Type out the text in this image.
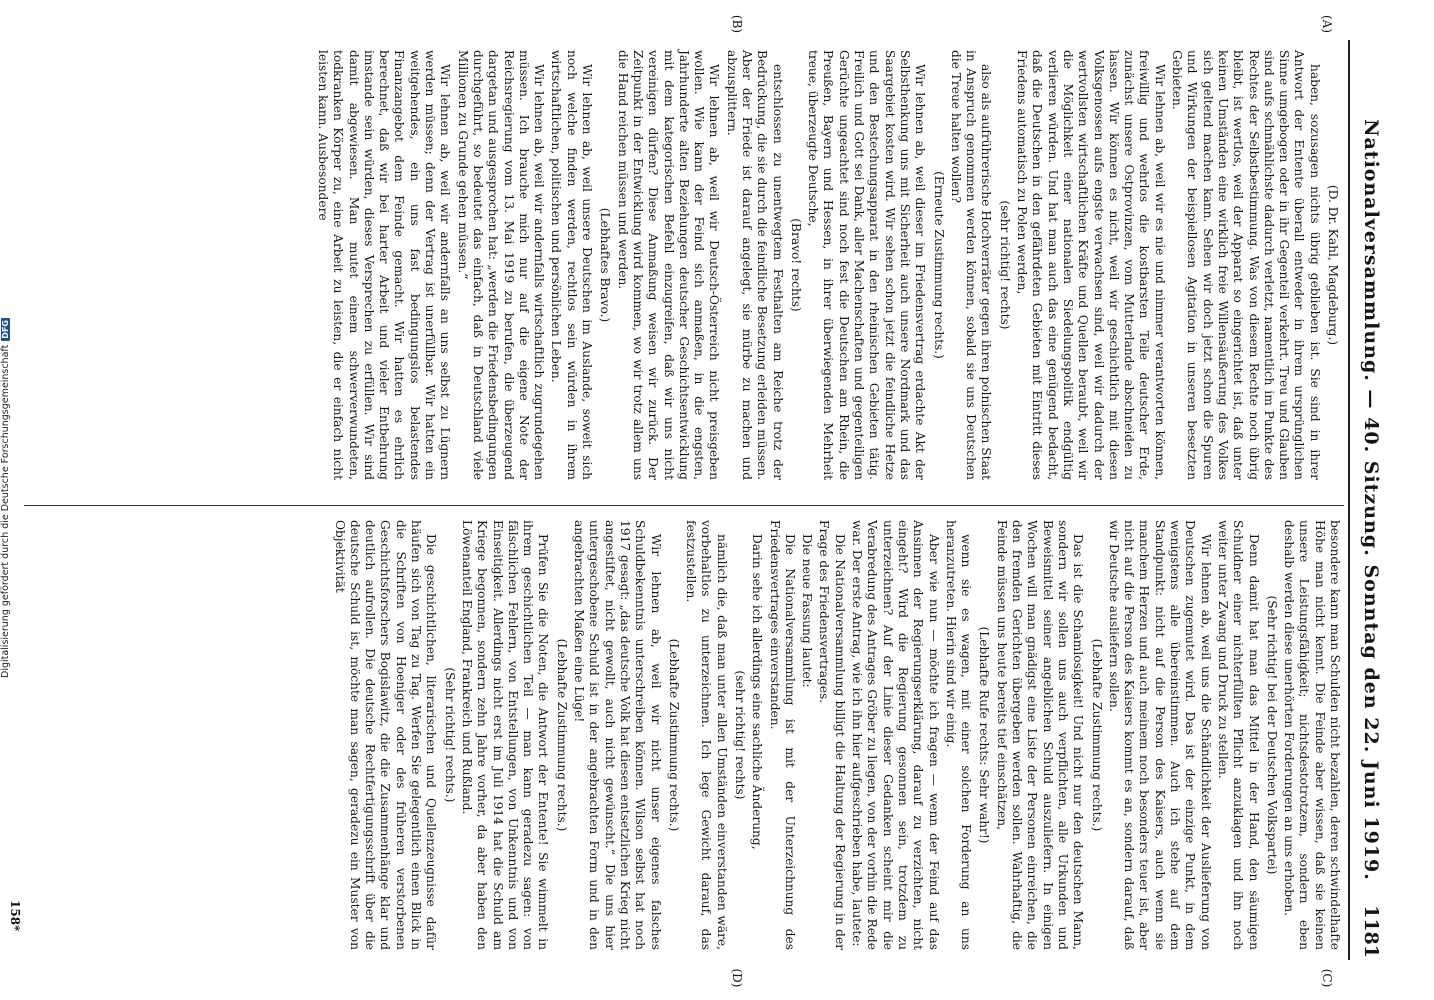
Nationalversammlung. — 40. Sitzung. Sonntag den 22. Juni 1919.
1181
(A)
(B)
(C)
(D)

(D. Dr. Kahl, Magdeburg.)

haben, sozusagen nichts übrig geblieben ist. Sie sind in ihrer Antwort der Entente überall entweder in ihrem ursprünglichen Sinne umgebogen oder in ihr Gegenteil verkehrt. Treu und Glauben sind aufs schmählichste dadurch verletzt, namentlich im Punkte des Rechtes der Selbstbestimmung. Was von diesem Rechte noch übrig bleibt, ist wertlos, weil der Apparat so eingerichtet ist, daß unter keinen Umständen eine wirklich freie Willensäußerung des Volkes sich geltend machen kann. Sehen wir doch jetzt schon die Spuren und Wirkungen der beispiellosen Agitation in unseren besetzten Gebieten.

Wir lehnen ab, weil wir es nie und nimmer verantworten können, freiwillig und wehrlos die kostbarsten Teile deutscher Erde, zunächst unsere Ostprovinzen, vom Mutterlande abschneiden zu lassen. Wir können es nicht, weil wir geschichtlich mit diesen Volksgenossen aufs engste verwachsen sind, weil wir dadurch der wertvollsten wirtschaftlichen Kräfte und Quellen beraubt, weil wir die Möglichkeit einer nationalen Siedelungspolitik endgültig verlieren würden. Und hat man auch das eine genügend bedacht, daß die Deutschen in den gefährdeten Gebieten mit Eintritt dieses Friedens automatisch zu Polen werden,

(sehr richtig! rechts)

also als aufrührerische Hochverräter gegen ihren polnischen Staat in Anspruch genommen werden können, sobald sie uns Deutschen die Treue halten wollen?

(Erneute Zustimmung rechts.)

Wir lehnen ab, weil dieser im Friedensvertrag erdachte Akt der Selbsthenkung uns mit Sicherheit auch unsere Nordmark und das Saargebiet kosten wird. Wir sehen schon jetzt die feindliche Hetze und den Bestechungsapparat in den rheinischen Gebieten tätig. Freilich und Gott sei Dank, aller Machenschaften und gegenteiligen Gerüchte ungeachtet sind noch fest die Deutschen am Rhein, die Preußen, Bayern und Hessen, in ihrer überwiegenden Mehrheit treue, überzeugte Deutsche,

(Bravo! rechts)

entschlossen zu unentwegtem Festhalten am Reiche trotz der Bedrückung, die sie durch die feindliche Besetzung erleiden müssen. Aber der Friede ist darauf angelegt, sie mürbe zu machen und abzusplittern.

Wir lehnen ab, weil wir Deutsch-Österreich nicht preisgeben wollen. Wie kann der Feind sich anmaßen, in die engsten, Jahrhunderte alten Beziehungen deutscher Geschichtsentwicklung mit dem kategorischen Befehl einzugreifen, daß wir uns nicht vereinigen dürfen? Diese Anmaßung weisen wir zurück. Der Zeitpunkt in der Entwicklung wird kommen, wo wir trotz allem uns die Hand reichen müssen und werden.

(Lebhaftes Bravo.)

Wir lehnen ab, weil unsere Deutschen im Auslande, soweit sich noch welche finden werden, rechtlos sein würden in ihrem wirtschaftlichen, politischen und persönlichen Leben.

Wir lehnen ab, weil wir andernfalls wirtschaftlich zugrundegehen müssen. Ich brauche mich nur auf die eigene Note der Reichsregierung vom 13. Mai 1919 zu berufen, die überzeugend dargetan und ausgesprochen hat: „werden die Friedensbedingungen durchgeführt, so bedeutet das einfach, daß in Deutschland viele Millionen zu Grunde gehen müssen.“

Wir lehnen ab, weil wir andernfalls an uns selbst zu Lügnern werden müssen; denn der Vertrag ist unerfüllbar. Wir hatten ein weitgehendes, ein uns fast bedingungslos belastendes Finanzangebot dem Feinde gemacht. Wir hatten es ehrlich berechnet, daß wir bei harter Arbeit und vieler Entbehrung imstande sein würden, dieses Versprechen zu erfüllen. Wir sind damit abgewiesen. Man mutet einem schwerverwundeten, todkranken Körper zu, eine Arbeit zu leisten, die er einfach nicht leisten kann. Ausbesondere

besondere kann man Schulden nicht bezahlen, deren schwindelhafte Höhe man nicht kennt. Die Feinde aber wissen, daß sie keinen unsere Leistungsfähigkeit; nichtsdestotrotzem, sondern eben deshalb werden diese unerhörten Forderungen an uns erhoben.

(Sehr richtig! bei der Deutschen Volkspartei)

Denn damit hat man das Mittel in der Hand, den säumigen Schuldner einer nichterfüllten Pflicht anzuklagen und ihn noch weiter unter Zwang und Druck zu stellen.

Wir lehnen ab, weil uns die Schändlichkeit der Auslieferung von Deutschen zugemutet wird. Das ist der einzige Punkt, in dem wenigstens alle übereinstimmen. Auch ich stehe auf dem Standpunkt: nicht auf die Person des Kaisers, auch wenn sie manchem Herzen und auch meinem noch besonders teuer ist, aber nicht auf die Person des Kaisers kommt es an, sondern darauf, daß wir Deutsche ausliefern sollen.

(Lebhafte Zustimmung rechts.)

Das ist die Schamlosigkeit! Und nicht nur den deutschen Mann, sondern wir sollen uns auch verpflichten, alle Urkunden und Beweismittel seiner angeblichen Schuld auszuliefern. In einigen Wochen will man gnädigst eine Liste der Personen einreichen, die den fremden Gerichten übergeben werden sollen. Wahrhaftig, die Feinde müssen uns heute bereits tief einschätzen,

(Lebhafte Rufe rechts: Sehr wahr!)

wenn sie es wagen, mit einer solchen Forderung an uns heranzutreten. Hierin sind wir einig.

Aber wie nun — möchte ich fragen — wenn der Feind auf das Ansinnen der Regierungserklärung, darauf zu verzichten, nicht eingeht? Wird die Regierung gesonnen sein, trotzdem zu unterzeichnen? Auf der Linie dieser Gedanken scheint mir die Verabredung des Antrages Gröber zu liegen, von der vorhin die Rede war. Der erste Antrag, wie ich ihn hier aufgeschrieben habe, lautete:

Die Nationalversammlung billigt die Haltung der Regierung in der Frage des Friedensvertrages.

Die neue Fassung lautet:

Die Nationalversammlung ist mit der Unterzeichnung des Friedensvertrages einverstanden.

Darin sehe ich allerdings eine sachliche Änderung,

(sehr richtig! rechts)

nämlich die, daß man unter allen Umständen einverstanden wäre, vorbehaltlos zu unterzeichnen. Ich lege Gewicht darauf, das festzustellen.

(Lebhafte Zustimmung rechts.)

Wir lehnen ab, weil wir nicht unser eigenes falsches Schuldbekenntnis unterschreiben können. Wilson selbst hat noch 1917 gesagt: „das deutsche Volk hat diesen entsetzlichen Krieg nicht angestiftet, nicht gewollt, auch nicht gewünscht.“ Die uns hier untergeschobene Schuld ist in der angebrachten Form und in den angebrachten Maßen eine Lüge!

(Lebhafte Zustimmung rechts.)

Prüfen Sie die Noten, die Antwort der Entente! Sie wimmelt in ihrem geschichtlichen Teil — man kann geradezu sagen: von fälschlichen Fehlern, von Entstellungen, von Unkenntnis und von Einseitigkeit. Allerdings nicht erst im Juli 1914 hat die Schuld am Kriege begonnen, sondern zehn Jahre vorher, da aber haben den Löwenanteil England, Frankreich und Rußland.

(Sehr richtig! rechts.)

Die geschichtlichen, literarischen und Quellenzeugnisse dafür häufen sich von Tag zu Tag. Werfen Sie gelegentlich einen Blick in die Schriften von Hoeniger oder des früheren verstorbenen Geschichtsforschers Bogislawitz, die die Zusammenhänge klar und deutlich aufrollen. Die deutsche Rechtfertigungsschrift über die deutsche Schuld ist, möchte man sagen, geradezu ein Muster von Objektivität

158*
Digitalisierung gefördert durch die Deutsche ForschungsgemeinschaftDFG
